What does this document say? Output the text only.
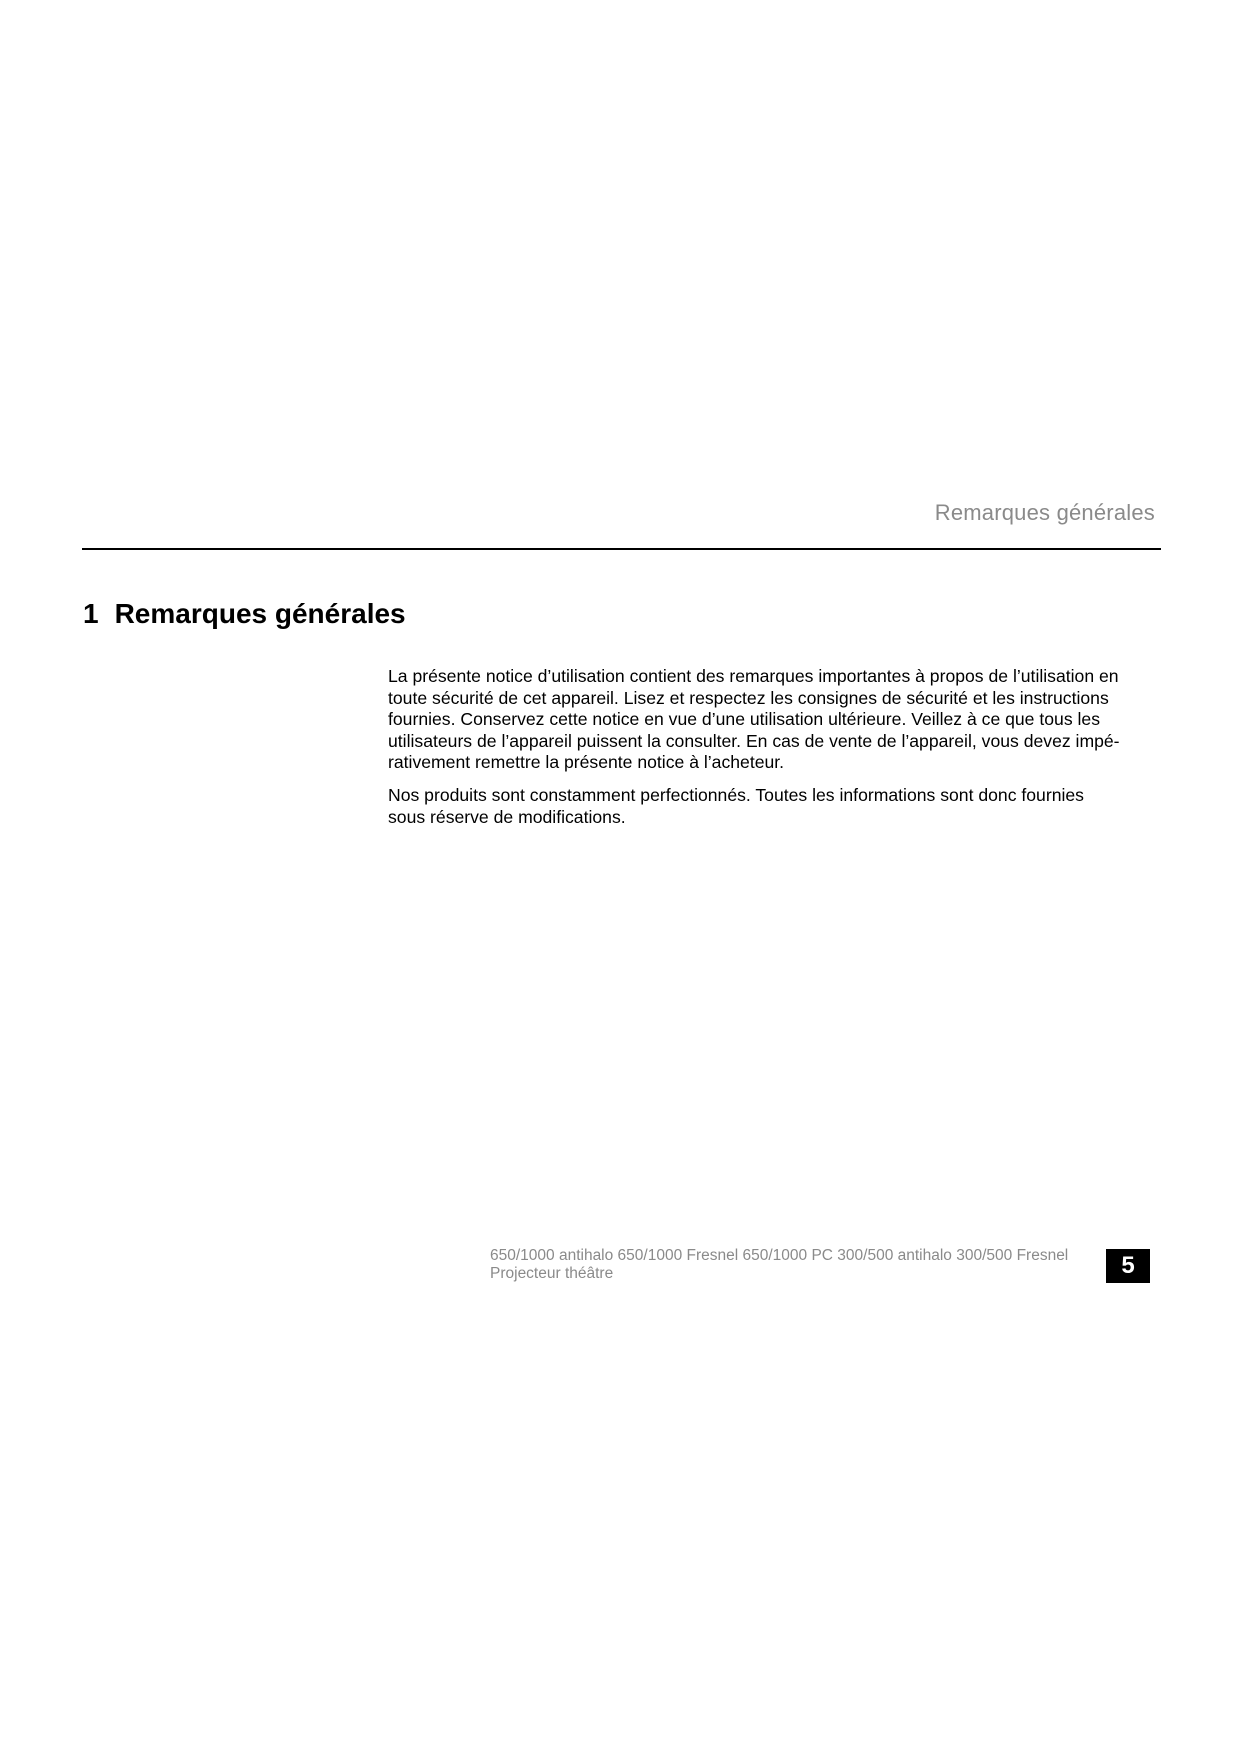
Remarques générales
1 Remarques générales

La présente notice d’utilisation contient des remarques importantes à propos de l’utilisation en
toute sécurité de cet appareil. Lisez et respectez les consignes de sécurité et les instructions
fournies. Conservez cette notice en vue d’une utilisation ultérieure. Veillez à ce que tous les
utilisateurs de l’appareil puissent la consulter. En cas de vente de l’appareil, vous devez impé-
rativement remettre la présente notice à l’acheteur.

Nos produits sont constamment perfectionnés. Toutes les informations sont donc fournies
sous réserve de modifications.

650/1000 antihalo 650/1000 Fresnel 650/1000 PC 300/500 antihalo 300/500 Fresnel
Projecteur théâtre	5
